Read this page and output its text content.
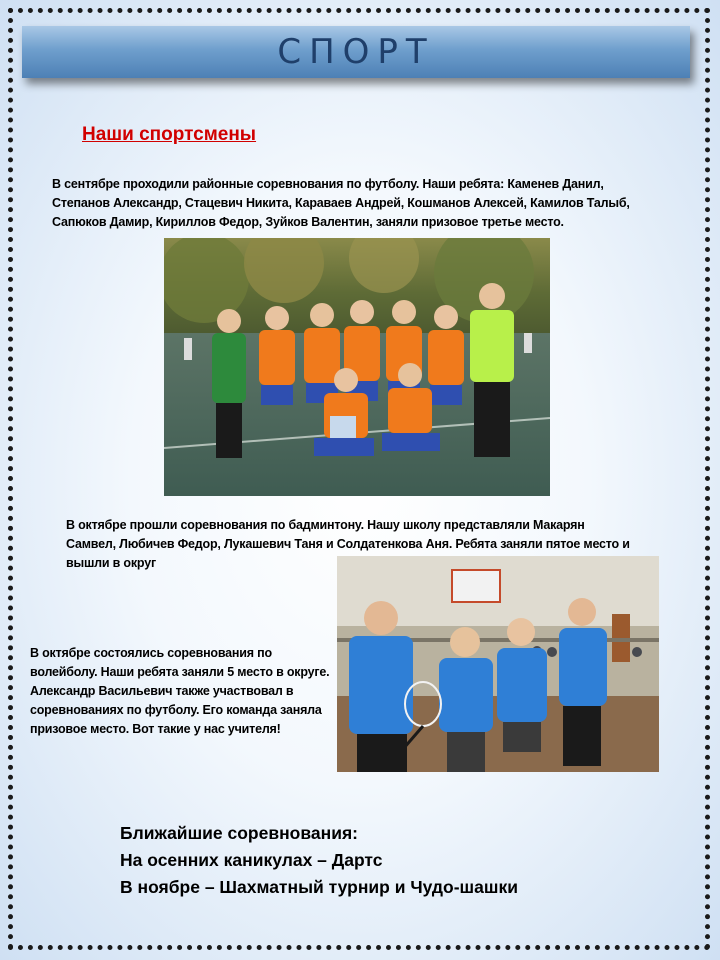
СПОРТ
Наши спортсмены
В сентябре проходили районные соревнования по футболу. Наши ребята: Каменев Данил, Степанов Александр, Стацевич Никита, Караваев Андрей, Кошманов Алексей, Камилов Талыб, Сапюков Дамир, Кириллов Федор, Зуйков Валентин, заняли призовое третье место.
В октябре прошли соревнования по бадминтону. Нашу школу представляли Макарян Самвел, Любичев Федор, Лукашевич Таня и Солдатенкова Аня. Ребята заняли пятое место и вышли в округ
В октябре состоялись соревнования по волейболу. Наши ребята заняли 5 место в округе.
Александр Васильевич также участвовал в соревнованиях по футболу. Его команда заняла призовое место. Вот такие у нас учителя!
Ближайшие соревнования:
На осенних каникулах – Дартс
В ноябре – Шахматный турнир и Чудо-шашки
